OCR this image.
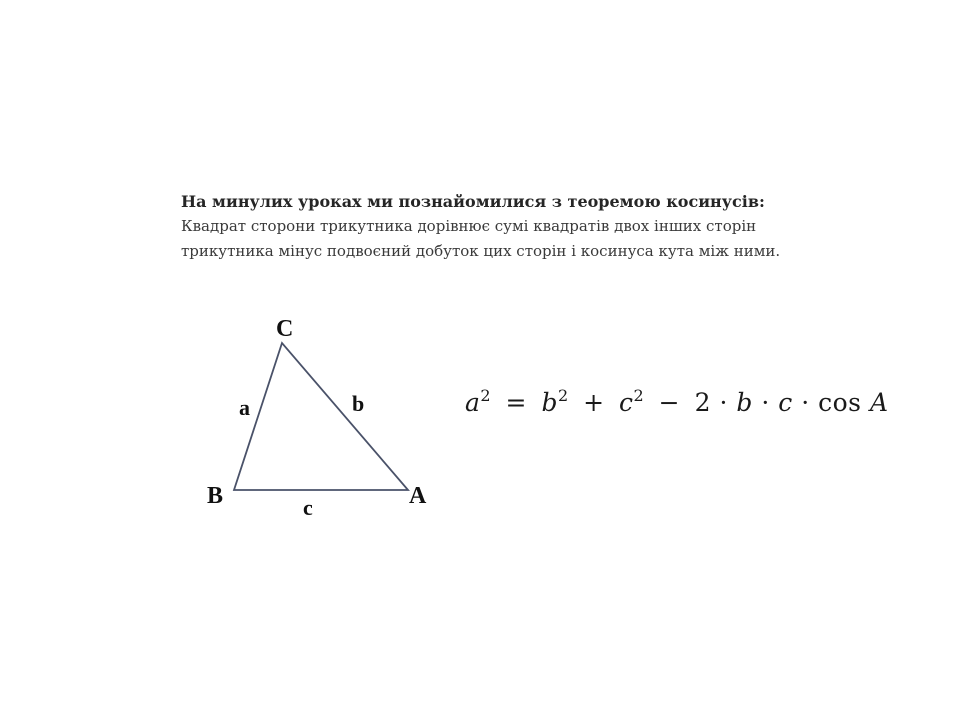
На минулих уроках ми познайомилися з теоремою косинусів:

Квадрат сторони трикутника дорівнює сумі квадратів двох інших сторін
трикутника мінус подвоєний добуток цих сторін і косинуса кута між ними.

C
B	A
a	b
c
$a^2 = b^2 + c^2 - 2 \cdot b \cdot c \cdot \cos A$
